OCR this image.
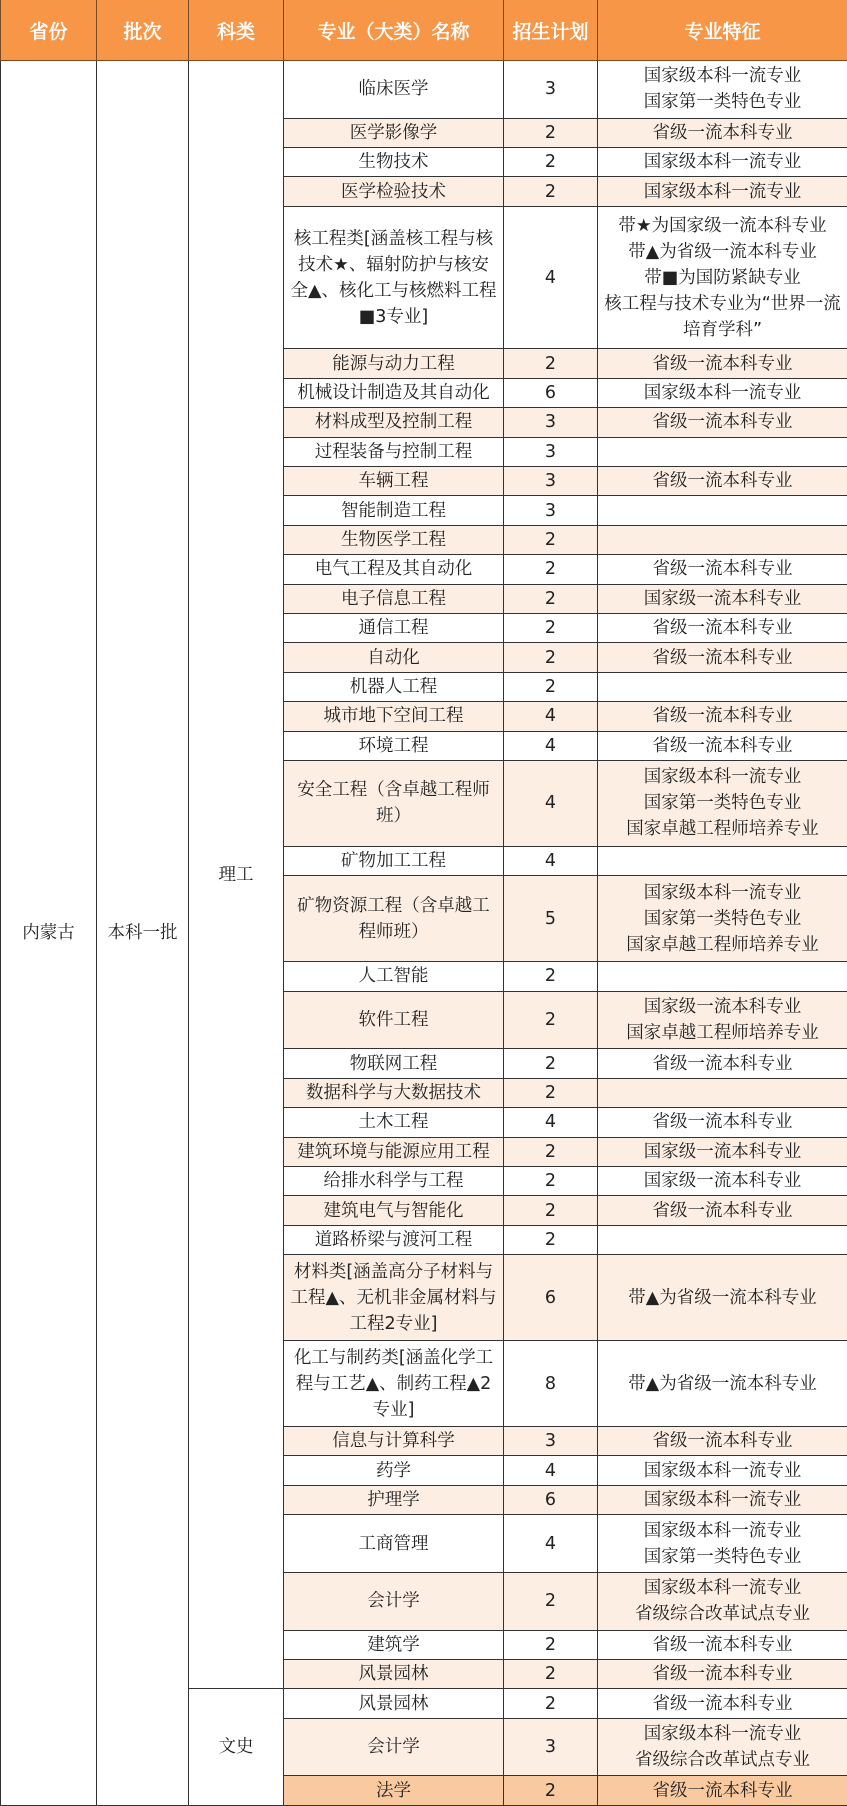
省份	批次	科类	专业（大类）名称	招生计划	专业特征
内蒙古	本科一批	理工	临床医学	3	国家级本科一流专业
国家第一类特色专业

			医学影像学	2	省级一流本科专业

			生物技术	2	国家级本科一流专业

			医学检验技术	2	国家级本科一流专业

			核工程类[涵盖核工程与核技术★、辐射防护与核安全▲、核化工与核燃料工程■3专业]	4	带★为国家级一流本科专业
带▲为省级一流本科专业
带■为国防紧缺专业
核工程与技术专业为“世界一流培育学科”

			能源与动力工程	2	省级一流本科专业

			机械设计制造及其自动化	6	国家级本科一流专业

			材料成型及控制工程	3	省级一流本科专业

			过程装备与控制工程	3	
			车辆工程	3	省级一流本科专业

			智能制造工程	3	
			生物医学工程	2	
			电气工程及其自动化	2	省级一流本科专业

			电子信息工程	2	国家级一流本科专业

			通信工程	2	省级一流本科专业

			自动化	2	省级一流本科专业

			机器人工程	2	
			城市地下空间工程	4	省级一流本科专业

			环境工程	4	省级一流本科专业

			安全工程（含卓越工程师班）	4	国家级本科一流专业
国家第一类特色专业
国家卓越工程师培养专业

			矿物加工工程	4	
			矿物资源工程（含卓越工程师班）	5	国家级本科一流专业
国家第一类特色专业
国家卓越工程师培养专业

			人工智能	2	
			软件工程	2	国家级一流本科专业
国家卓越工程师培养专业

			物联网工程	2	省级一流本科专业

			数据科学与大数据技术	2	
			土木工程	4	省级一流本科专业

			建筑环境与能源应用工程	2	国家级一流本科专业

			给排水科学与工程	2	国家级一流本科专业

			建筑电气与智能化	2	省级一流本科专业

			道路桥梁与渡河工程	2	
			材料类[涵盖高分子材料与工程▲、无机非金属材料与工程2专业]	6	带▲为省级一流本科专业

			化工与制药类[涵盖化学工程与工艺▲、制药工程▲2专业]	8	带▲为省级一流本科专业

			信息与计算科学	3	省级一流本科专业

			药学	4	国家级本科一流专业

			护理学	6	国家级本科一流专业

			工商管理	4	国家级本科一流专业
国家第一类特色专业

			会计学	2	国家级本科一流专业
省级综合改革试点专业

			建筑学	2	省级一流本科专业

			风景园林	2	省级一流本科专业

		文史	风景园林	2	省级一流本科专业

			会计学	3	国家级本科一流专业
省级综合改革试点专业

			法学	2	省级一流本科专业
